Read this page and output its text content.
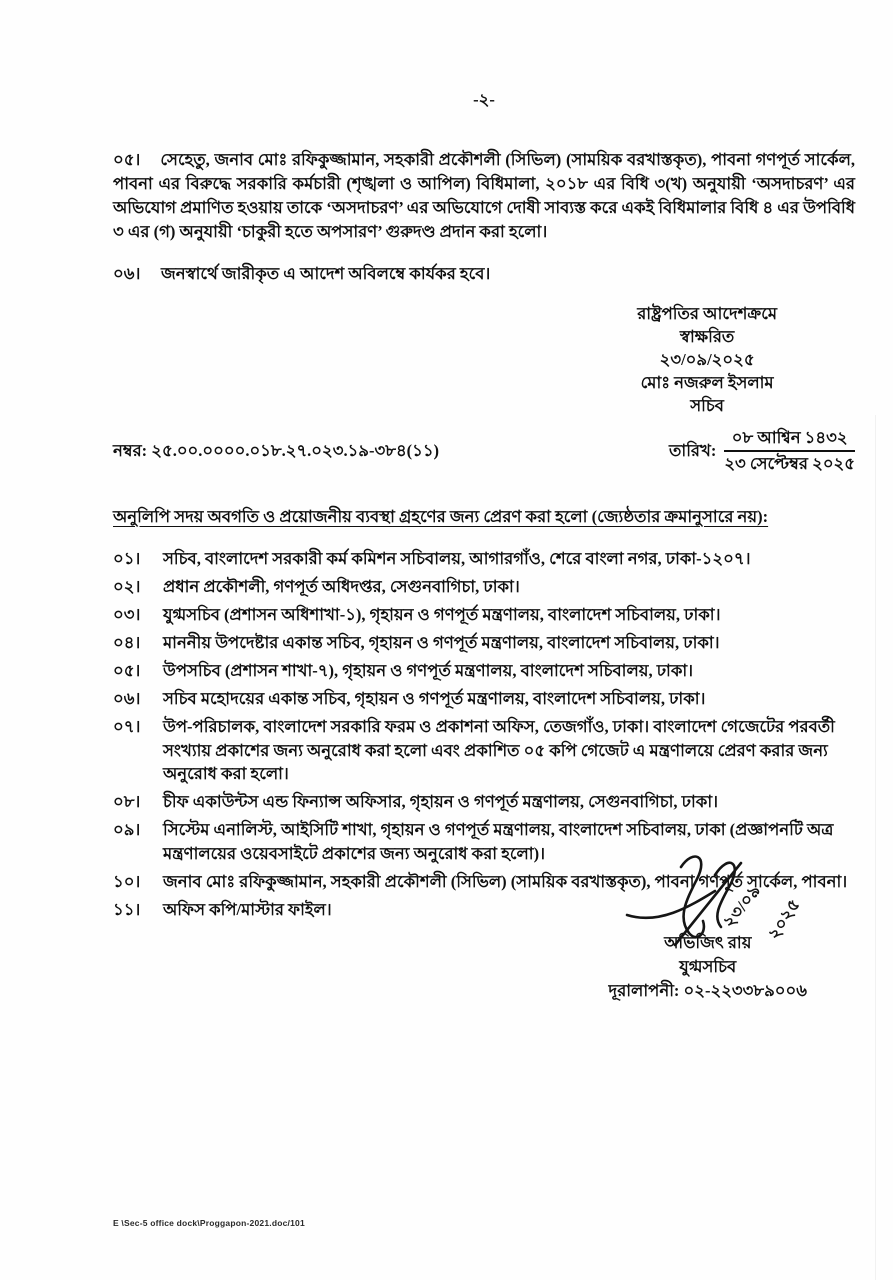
-২-

০৫। সেহেতু, জনাব মোঃ রফিকুজ্জামান, সহকারী প্রকৌশলী (সিভিল) (সাময়িক বরখাস্তকৃত), পাবনা গণপূর্ত সার্কেল, পাবনা এর বিরুদ্ধে সরকারি কর্মচারী (শৃঙ্খলা ও আপিল) বিধিমালা, ২০১৮ এর বিধি ৩(খ) অনুযায়ী ‘অসদাচরণ’ এর অভিযোগ প্রমাণিত হওয়ায় তাকে ‘অসদাচরণ’ এর অভিযোগে দোষী সাব্যস্ত করে একই বিধিমালার বিধি ৪ এর উপবিধি ৩ এর (গ) অনুযায়ী ‘চাকুরী হতে অপসারণ’ গুরুদণ্ড প্রদান করা হলো।

০৬। জনস্বার্থে জারীকৃত এ আদেশ অবিলম্বে কার্যকর হবে।

রাষ্ট্রপতির আদেশক্রমে
স্বাক্ষরিত
২৩/০৯/২০২৫
মোঃ নজরুল ইসলাম
সচিব
নম্বর: ২৫.০০.০০০০.০১৮.২৭.০২৩.১৯-৩৮৪(১১)	তারিখ: $\frac{\text{০৮ আশ্বিন ১৪৩২}}{\text{২৩ সেপ্টেম্বর ২০২৫}}$
অনুলিপি সদয় অবগতি ও প্রয়োজনীয় ব্যবস্থা গ্রহণের জন্য প্রেরণ করা হলো (জ্যেষ্ঠতার ক্রমানুসারে নয়):
০১।	সচিব, বাংলাদেশ সরকারী কর্ম কমিশন সচিবালয়, আগারগাঁও, শেরে বাংলা নগর, ঢাকা-১২০৭।
০২।	প্রধান প্রকৌশলী, গণপূর্ত অধিদপ্তর, সেগুনবাগিচা, ঢাকা।
০৩।	যুগ্মসচিব (প্রশাসন অধিশাখা-১), গৃহায়ন ও গণপূর্ত মন্ত্রণালয়, বাংলাদেশ সচিবালয়, ঢাকা।
০৪।	মাননীয় উপদেষ্টার একান্ত সচিব, গৃহায়ন ও গণপূর্ত মন্ত্রণালয়, বাংলাদেশ সচিবালয়, ঢাকা।
০৫।	উপসচিব (প্রশাসন শাখা-৭), গৃহায়ন ও গণপূর্ত মন্ত্রণালয়, বাংলাদেশ সচিবালয়, ঢাকা।
০৬।	সচিব মহোদয়ের একান্ত সচিব, গৃহায়ন ও গণপূর্ত মন্ত্রণালয়, বাংলাদেশ সচিবালয়, ঢাকা।
০৭।	উপ-পরিচালক, বাংলাদেশ সরকারি ফরম ও প্রকাশনা অফিস, তেজগাঁও, ঢাকা। বাংলাদেশ গেজেটের পরবর্তী সংখ্যায় প্রকাশের জন্য অনুরোধ করা হলো এবং প্রকাশিত ০৫ কপি গেজেট এ মন্ত্রণালয়ে প্রেরণ করার জন্য অনুরোধ করা হলো।
০৮।	চীফ একাউন্টস এন্ড ফিন্যান্স অফিসার, গৃহায়ন ও গণপূর্ত মন্ত্রণালয়, সেগুনবাগিচা, ঢাকা।
০৯।	সিস্টেম এনালিস্ট, আইসিটি শাখা, গৃহায়ন ও গণপূর্ত মন্ত্রণালয়, বাংলাদেশ সচিবালয়, ঢাকা (প্রজ্ঞাপনটি অত্র মন্ত্রণালয়ের ওয়েবসাইটে প্রকাশের জন্য অনুরোধ করা হলো)।
১০।	জনাব মোঃ রফিকুজ্জামান, সহকারী প্রকৌশলী (সিভিল) (সাময়িক বরখাস্তকৃত), পাবনা গণপূর্ত সার্কেল, পাবনা।
১১।	অফিস কপি/মাস্টার ফাইল।	২৩/০৯ ২০২৫
অভিজিৎ রায়
যুগ্মসচিব
দূরালাপনী: ০২-২২৩৩৮৯০০৬
E \Sec-5 office dock\Proggapon-2021.doc/101
